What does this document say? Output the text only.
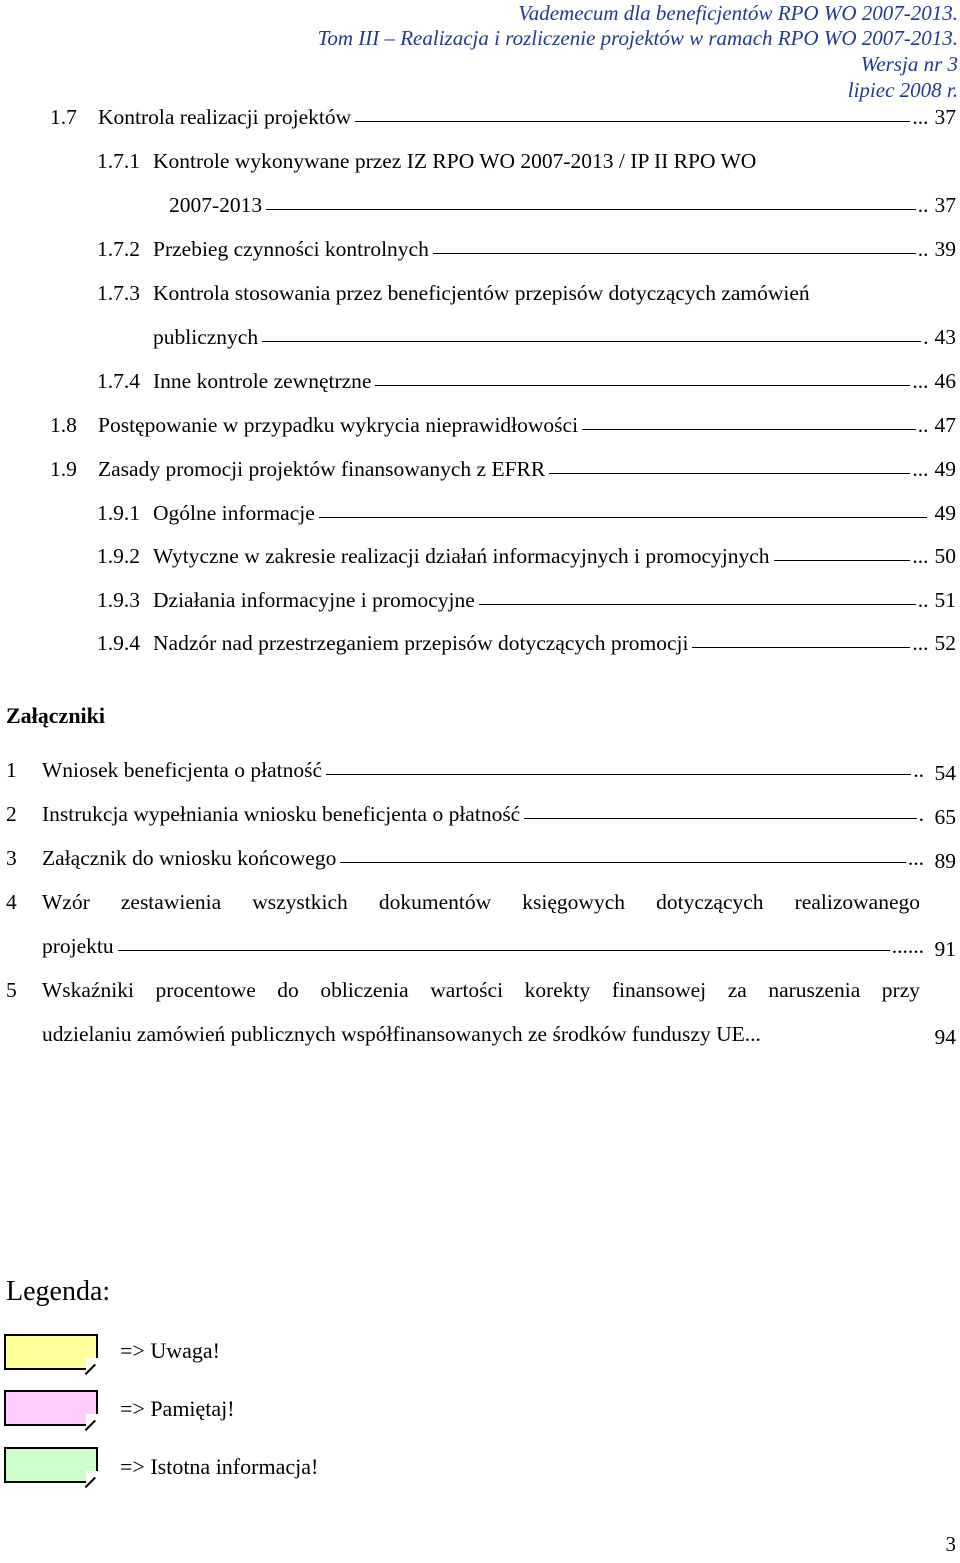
Vademecum dla beneficjentów RPO WO 2007-2013.
Tom III – Realizacja i rozliczenie projektów w ramach RPO WO 2007-2013.
Wersja nr 3
lipiec 2008 r.
1.7 Kontrola realizacji projektów	... 37
1.7.1 Kontrole wykonywane przez IZ RPO WO 2007-2013 / IP II RPO WO
2007-2013	.. 37
1.7.2 Przebieg czynności kontrolnych	.. 39
1.7.3 Kontrola stosowania przez beneficjentów przepisów dotyczących zamówień
publicznych	. 43
1.7.4 Inne kontrole zewnętrzne	... 46
1.8 Postępowanie w przypadku wykrycia nieprawidłowości	.. 47
1.9 Zasady promocji projektów finansowanych z EFRR	... 49
1.9.1 Ogólne informacje	49
1.9.2 Wytyczne w zakresie realizacji działań informacyjnych i promocyjnych	... 50
1.9.3 Działania informacyjne i promocyjne	.. 51
1.9.4 Nadzór nad przestrzeganiem przepisów dotyczących promocji	... 52
Załączniki
1 Wniosek beneficjenta o płatność	.. 54
2 Instrukcja wypełniania wniosku beneficjenta o płatność	. 65
3 Załącznik do wniosku końcowego	... 89
4 Wzór zestawienia wszystkich dokumentów księgowych dotyczących realizowanego
projektu	...... 91
5 Wskaźniki procentowe do obliczenia wartości korekty finansowej za naruszenia przy
udzielaniu zamówień publicznych współfinansowanych ze środków funduszy UE ...	94
Legenda:
=> Uwaga!
=> Pamiętaj!
=> Istotna informacja!
3
